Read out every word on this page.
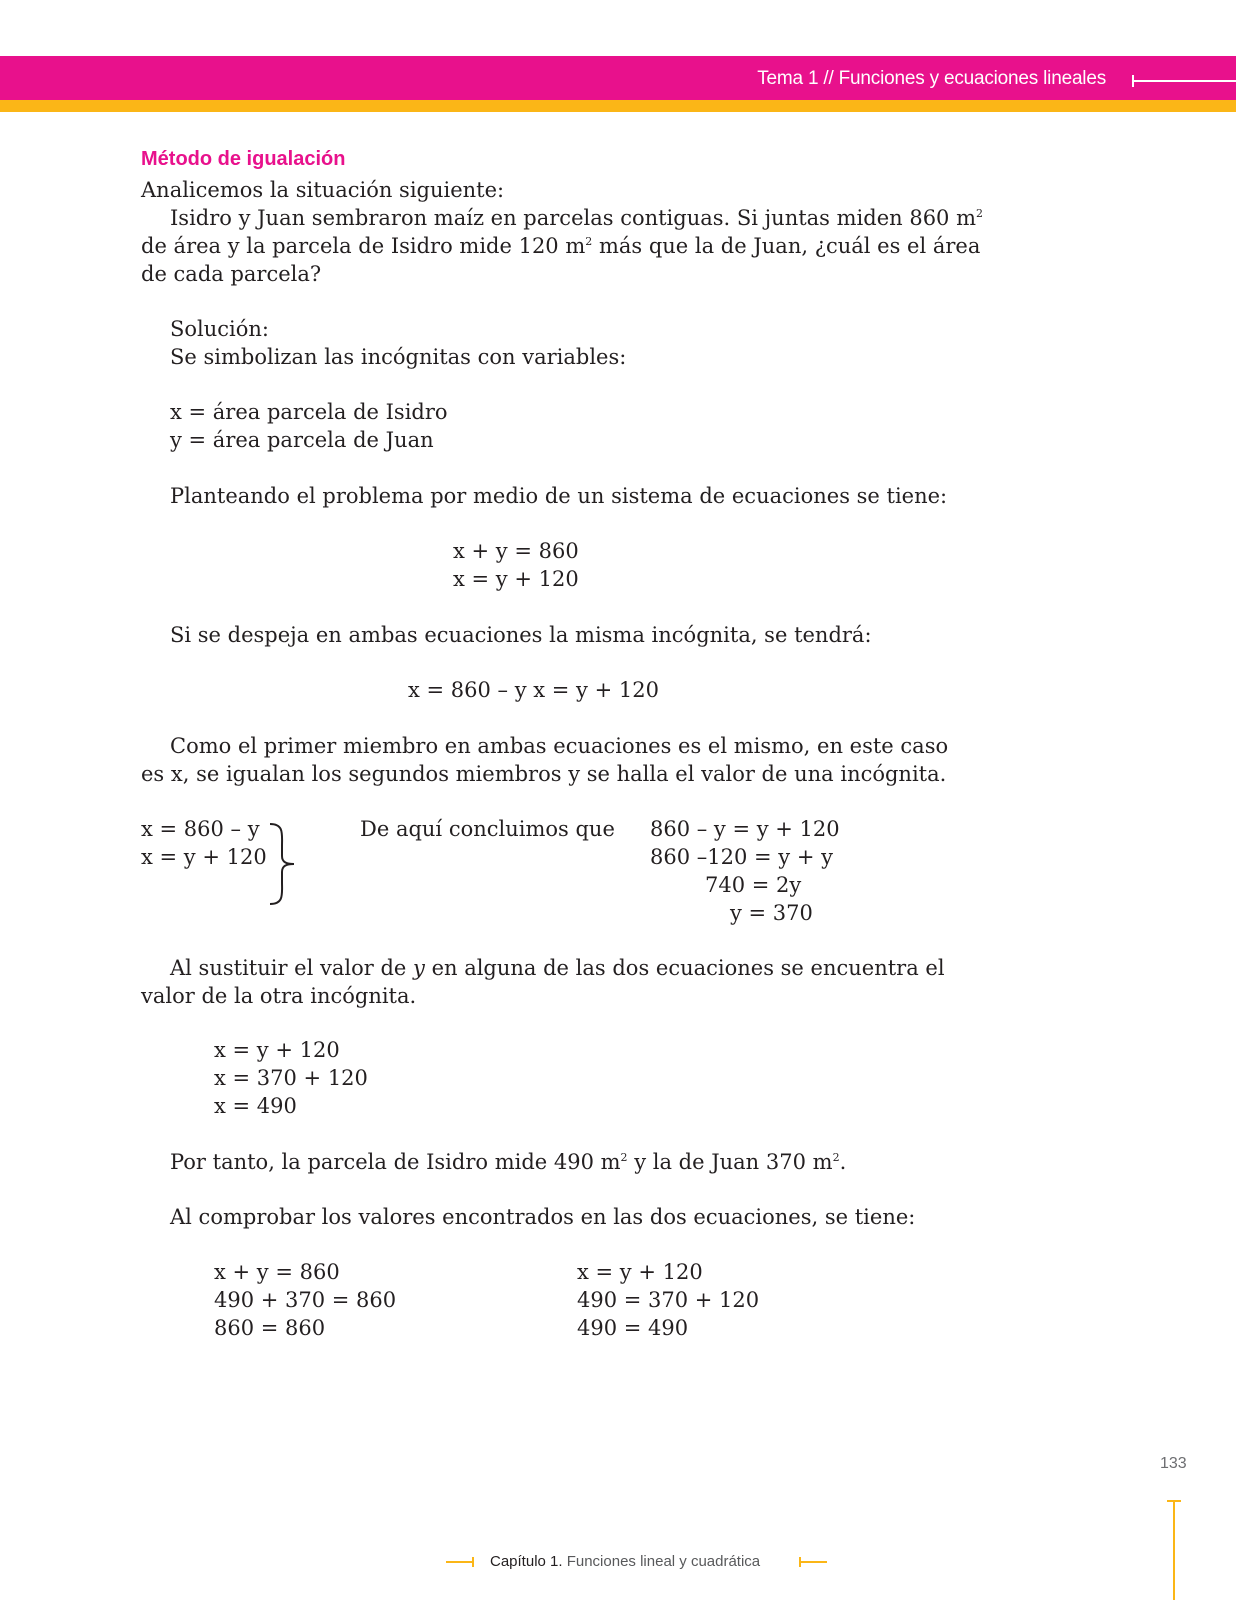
Tema 1 // Funciones y ecuaciones lineales
Método de igualación
Analicemos la situación siguiente:
Isidro y Juan sembraron maíz en parcelas contiguas. Si juntas miden 860 $m^2$
de área y la parcela de Isidro mide 120 $m^2$ más que la de Juan, ¿cuál es el área
de cada parcela?
Solución:
Se simbolizan las incógnitas con variables:
x = área parcela de Isidro
y = área parcela de Juan
Planteando el problema por medio de un sistema de ecuaciones se tiene:
x + y = 860
x = y + 120
Si se despeja en ambas ecuaciones la misma incógnita, se tendrá:
x = 860 – y x = y + 120
Como el primer miembro en ambas ecuaciones es el mismo, en este caso
es x, se igualan los segundos miembros y se halla el valor de una incógnita.
x = 860 – y
x = y + 120
De aquí concluimos que 860 – y = y + 120
860 –120 = y + y
740 = 2y
y = 370
Al sustituir el valor de y en alguna de las dos ecuaciones se encuentra el
valor de la otra incógnita.
x = y + 120
x = 370 + 120
x = 490
Por tanto, la parcela de Isidro mide 490 $m^2$ y la de Juan 370 $m^2$.
Al comprobar los valores encontrados en las dos ecuaciones, se tiene:
x + y = 860
490 + 370 = 860
860 = 860
x = y + 120
490 = 370 + 120
490 = 490
133
Capítulo 1. Funciones lineal y cuadrática
